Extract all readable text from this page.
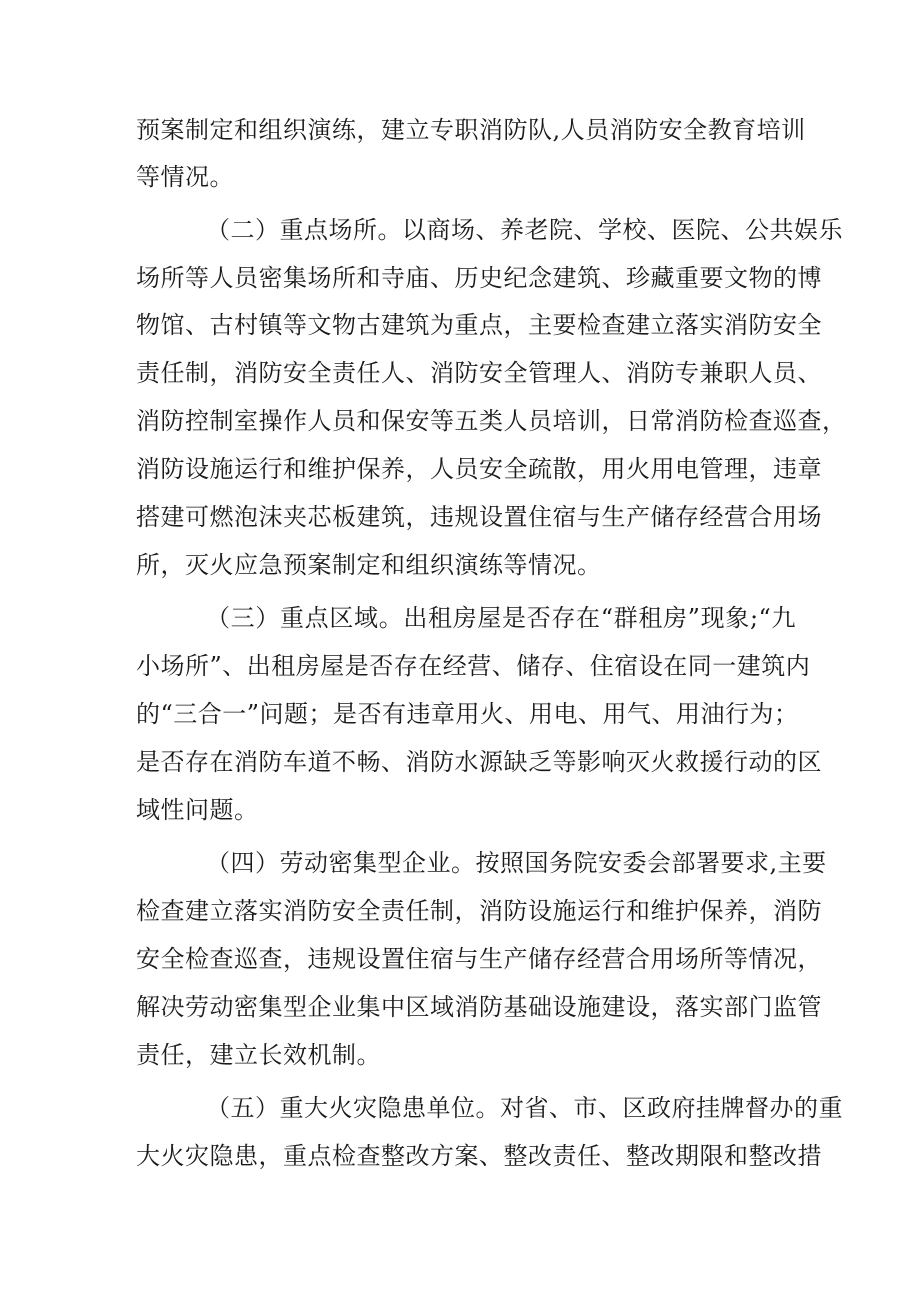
预案制定和组织演练，建立专职消防队,人员消防安全教育培训
等情况。
（二）重点场所。以商场、养老院、学校、医院、公共娱乐
场所等人员密集场所和寺庙、历史纪念建筑、珍藏重要文物的博
物馆、古村镇等文物古建筑为重点，主要检查建立落实消防安全
责任制，消防安全责任人、消防安全管理人、消防专兼职人员、
消防控制室操作人员和保安等五类人员培训，日常消防检查巡查，
消防设施运行和维护保养，人员安全疏散，用火用电管理，违章
搭建可燃泡沫夹芯板建筑，违规设置住宿与生产储存经营合用场
所，灭火应急预案制定和组织演练等情况。
（三）重点区域。出租房屋是否存在“群租房”现象;“九
小场所”、出租房屋是否存在经营、储存、住宿设在同一建筑内
的“三合一”问题；是否有违章用火、用电、用气、用油行为；
是否存在消防车道不畅、消防水源缺乏等影响灭火救援行动的区
域性问题。
（四）劳动密集型企业。按照国务院安委会部署要求,主要
检查建立落实消防安全责任制，消防设施运行和维护保养，消防
安全检查巡查，违规设置住宿与生产储存经营合用场所等情况，
解决劳动密集型企业集中区域消防基础设施建设，落实部门监管
责任，建立长效机制。
（五）重大火灾隐患单位。对省、市、区政府挂牌督办的重
大火灾隐患，重点检查整改方案、整改责任、整改期限和整改措
